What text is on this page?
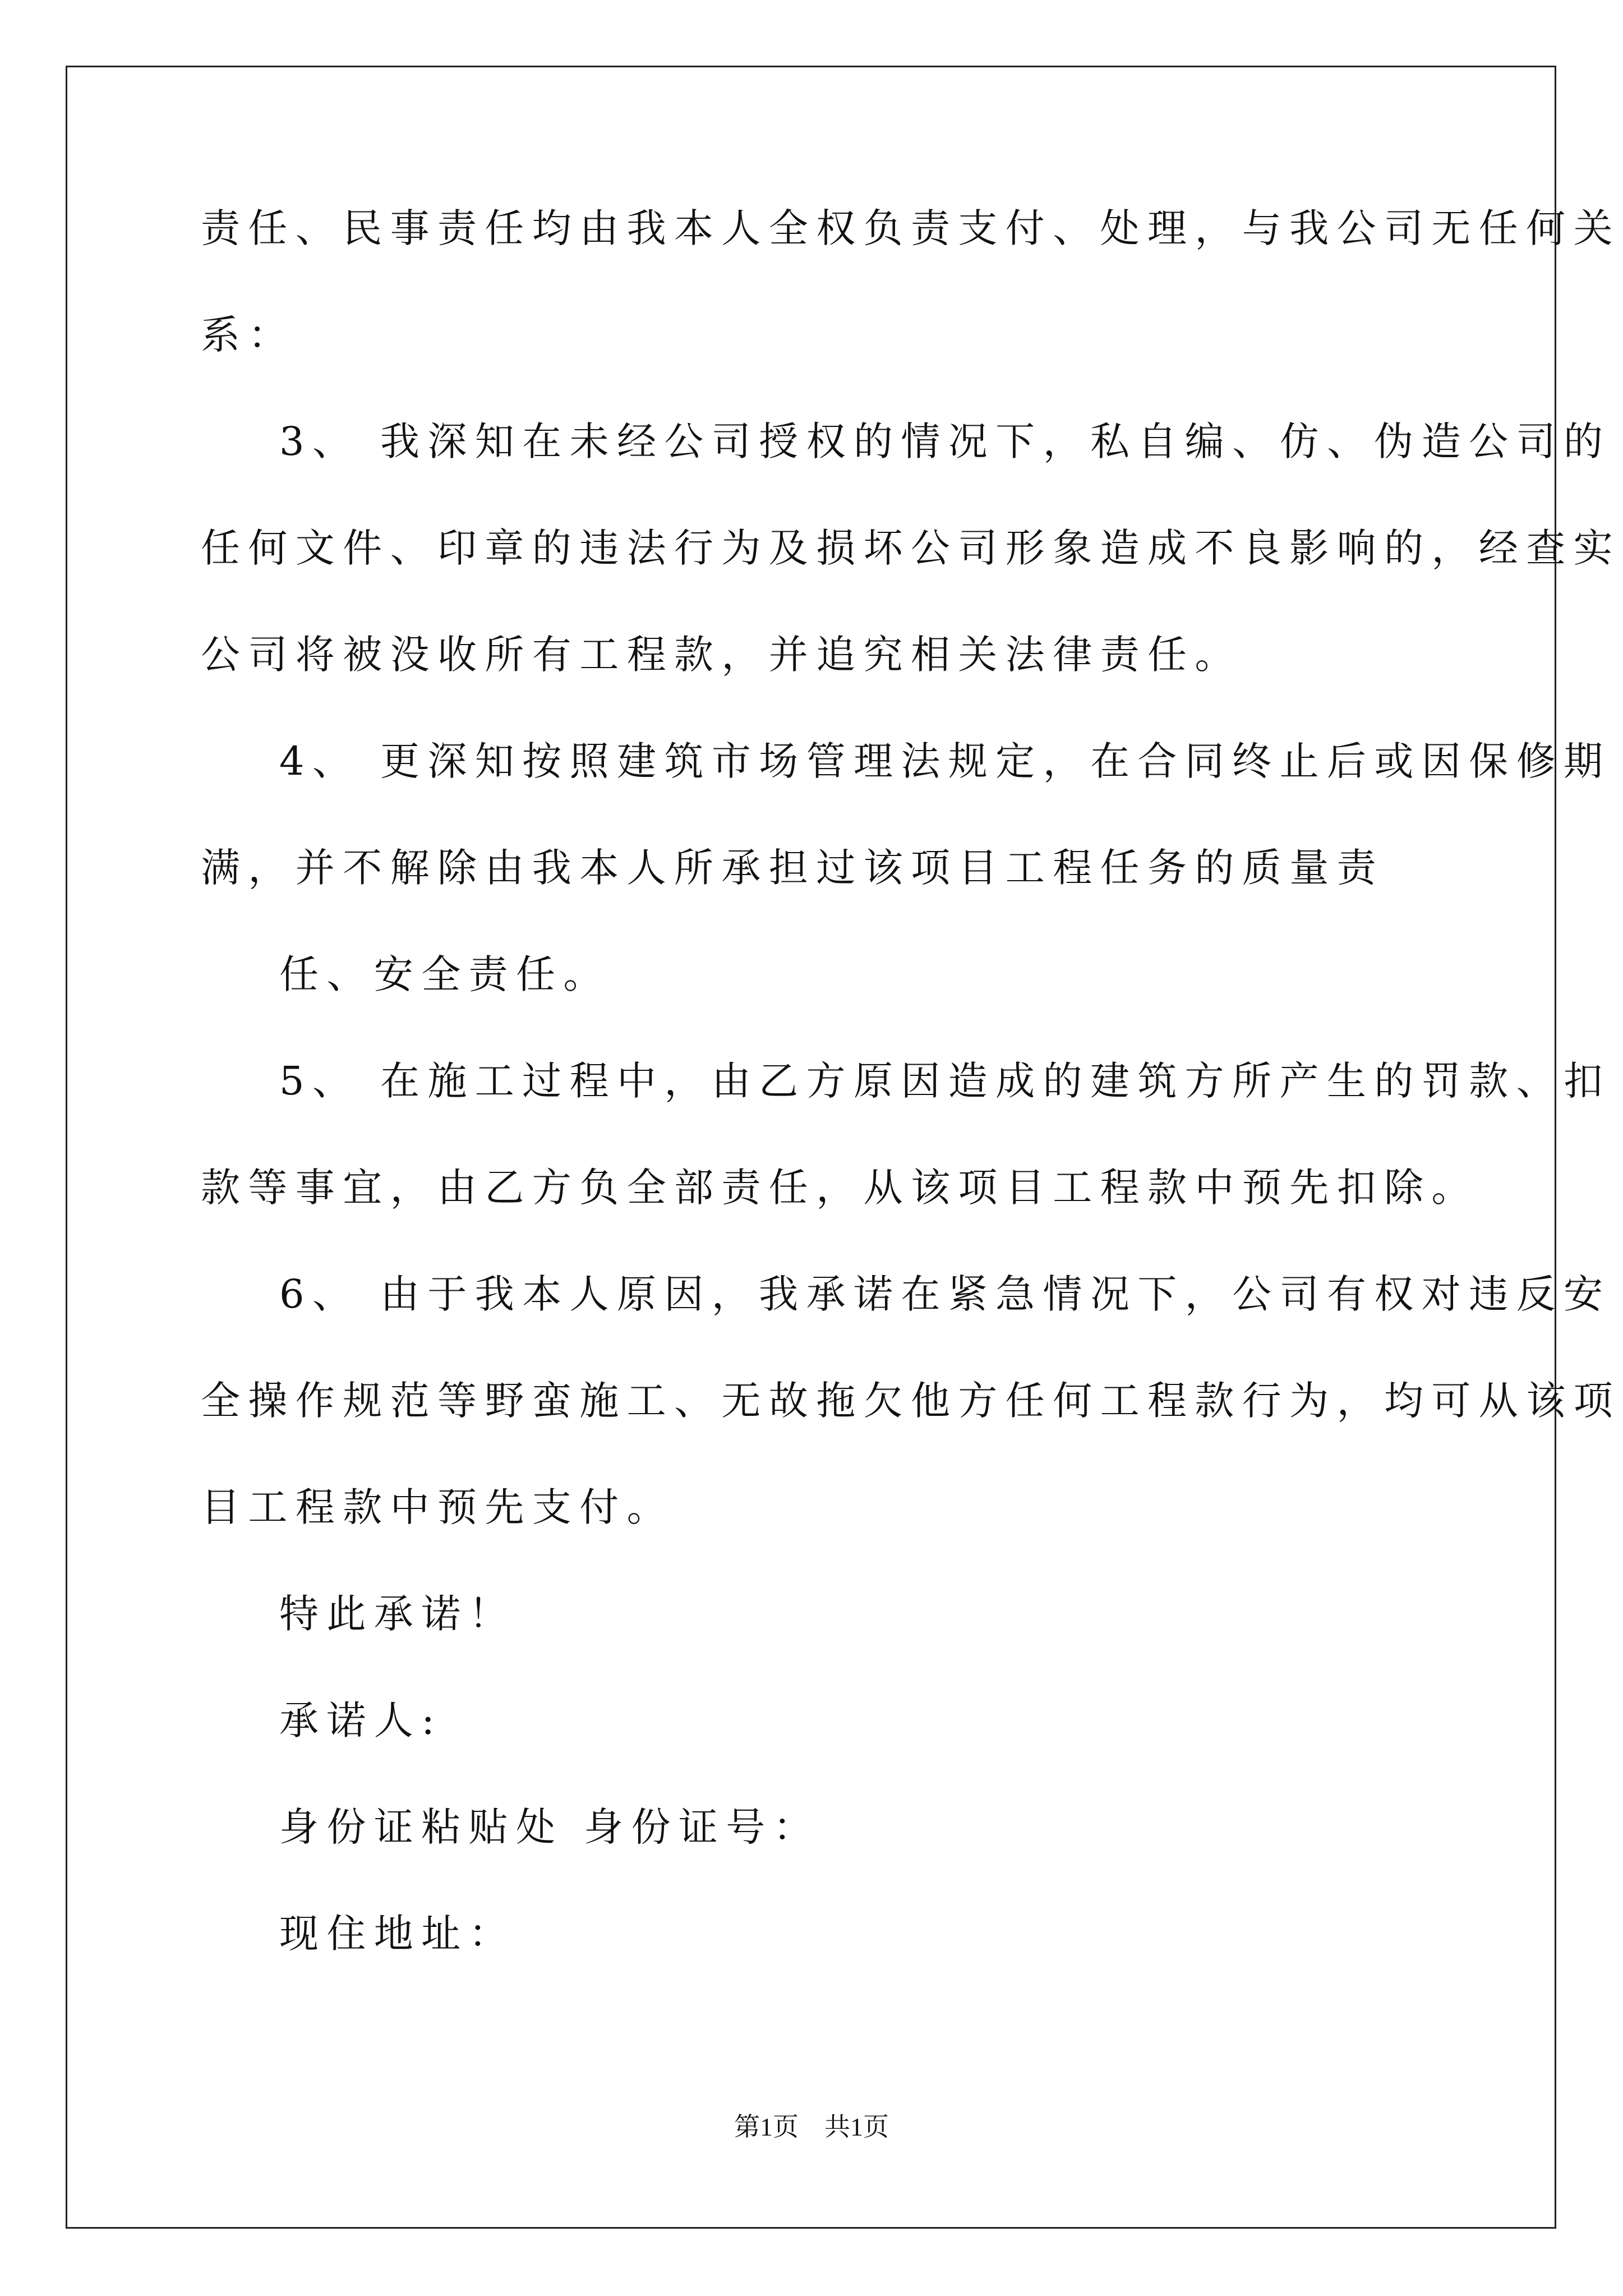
责任、民事责任均由我本人全权负责支付、处理，与我公司无任何关
系：
3、 我深知在未经公司授权的情况下，私自编、仿、伪造公司的
任何文件、印章的违法行为及损坏公司形象造成不良影响的，经查实
公司将被没收所有工程款，并追究相关法律责任。
4、 更深知按照建筑市场管理法规定，在合同终止后或因保修期
满，并不解除由我本人所承担过该项目工程任务的质量责
任、安全责任。
5、 在施工过程中，由乙方原因造成的建筑方所产生的罚款、扣
款等事宜，由乙方负全部责任，从该项目工程款中预先扣除。
6、 由于我本人原因，我承诺在紧急情况下，公司有权对违反安
全操作规范等野蛮施工、无故拖欠他方任何工程款行为，均可从该项
目工程款中预先支付。
特此承诺！
承诺人:
身份证粘贴处 身份证号：
现住地址：
第1页　共1页
